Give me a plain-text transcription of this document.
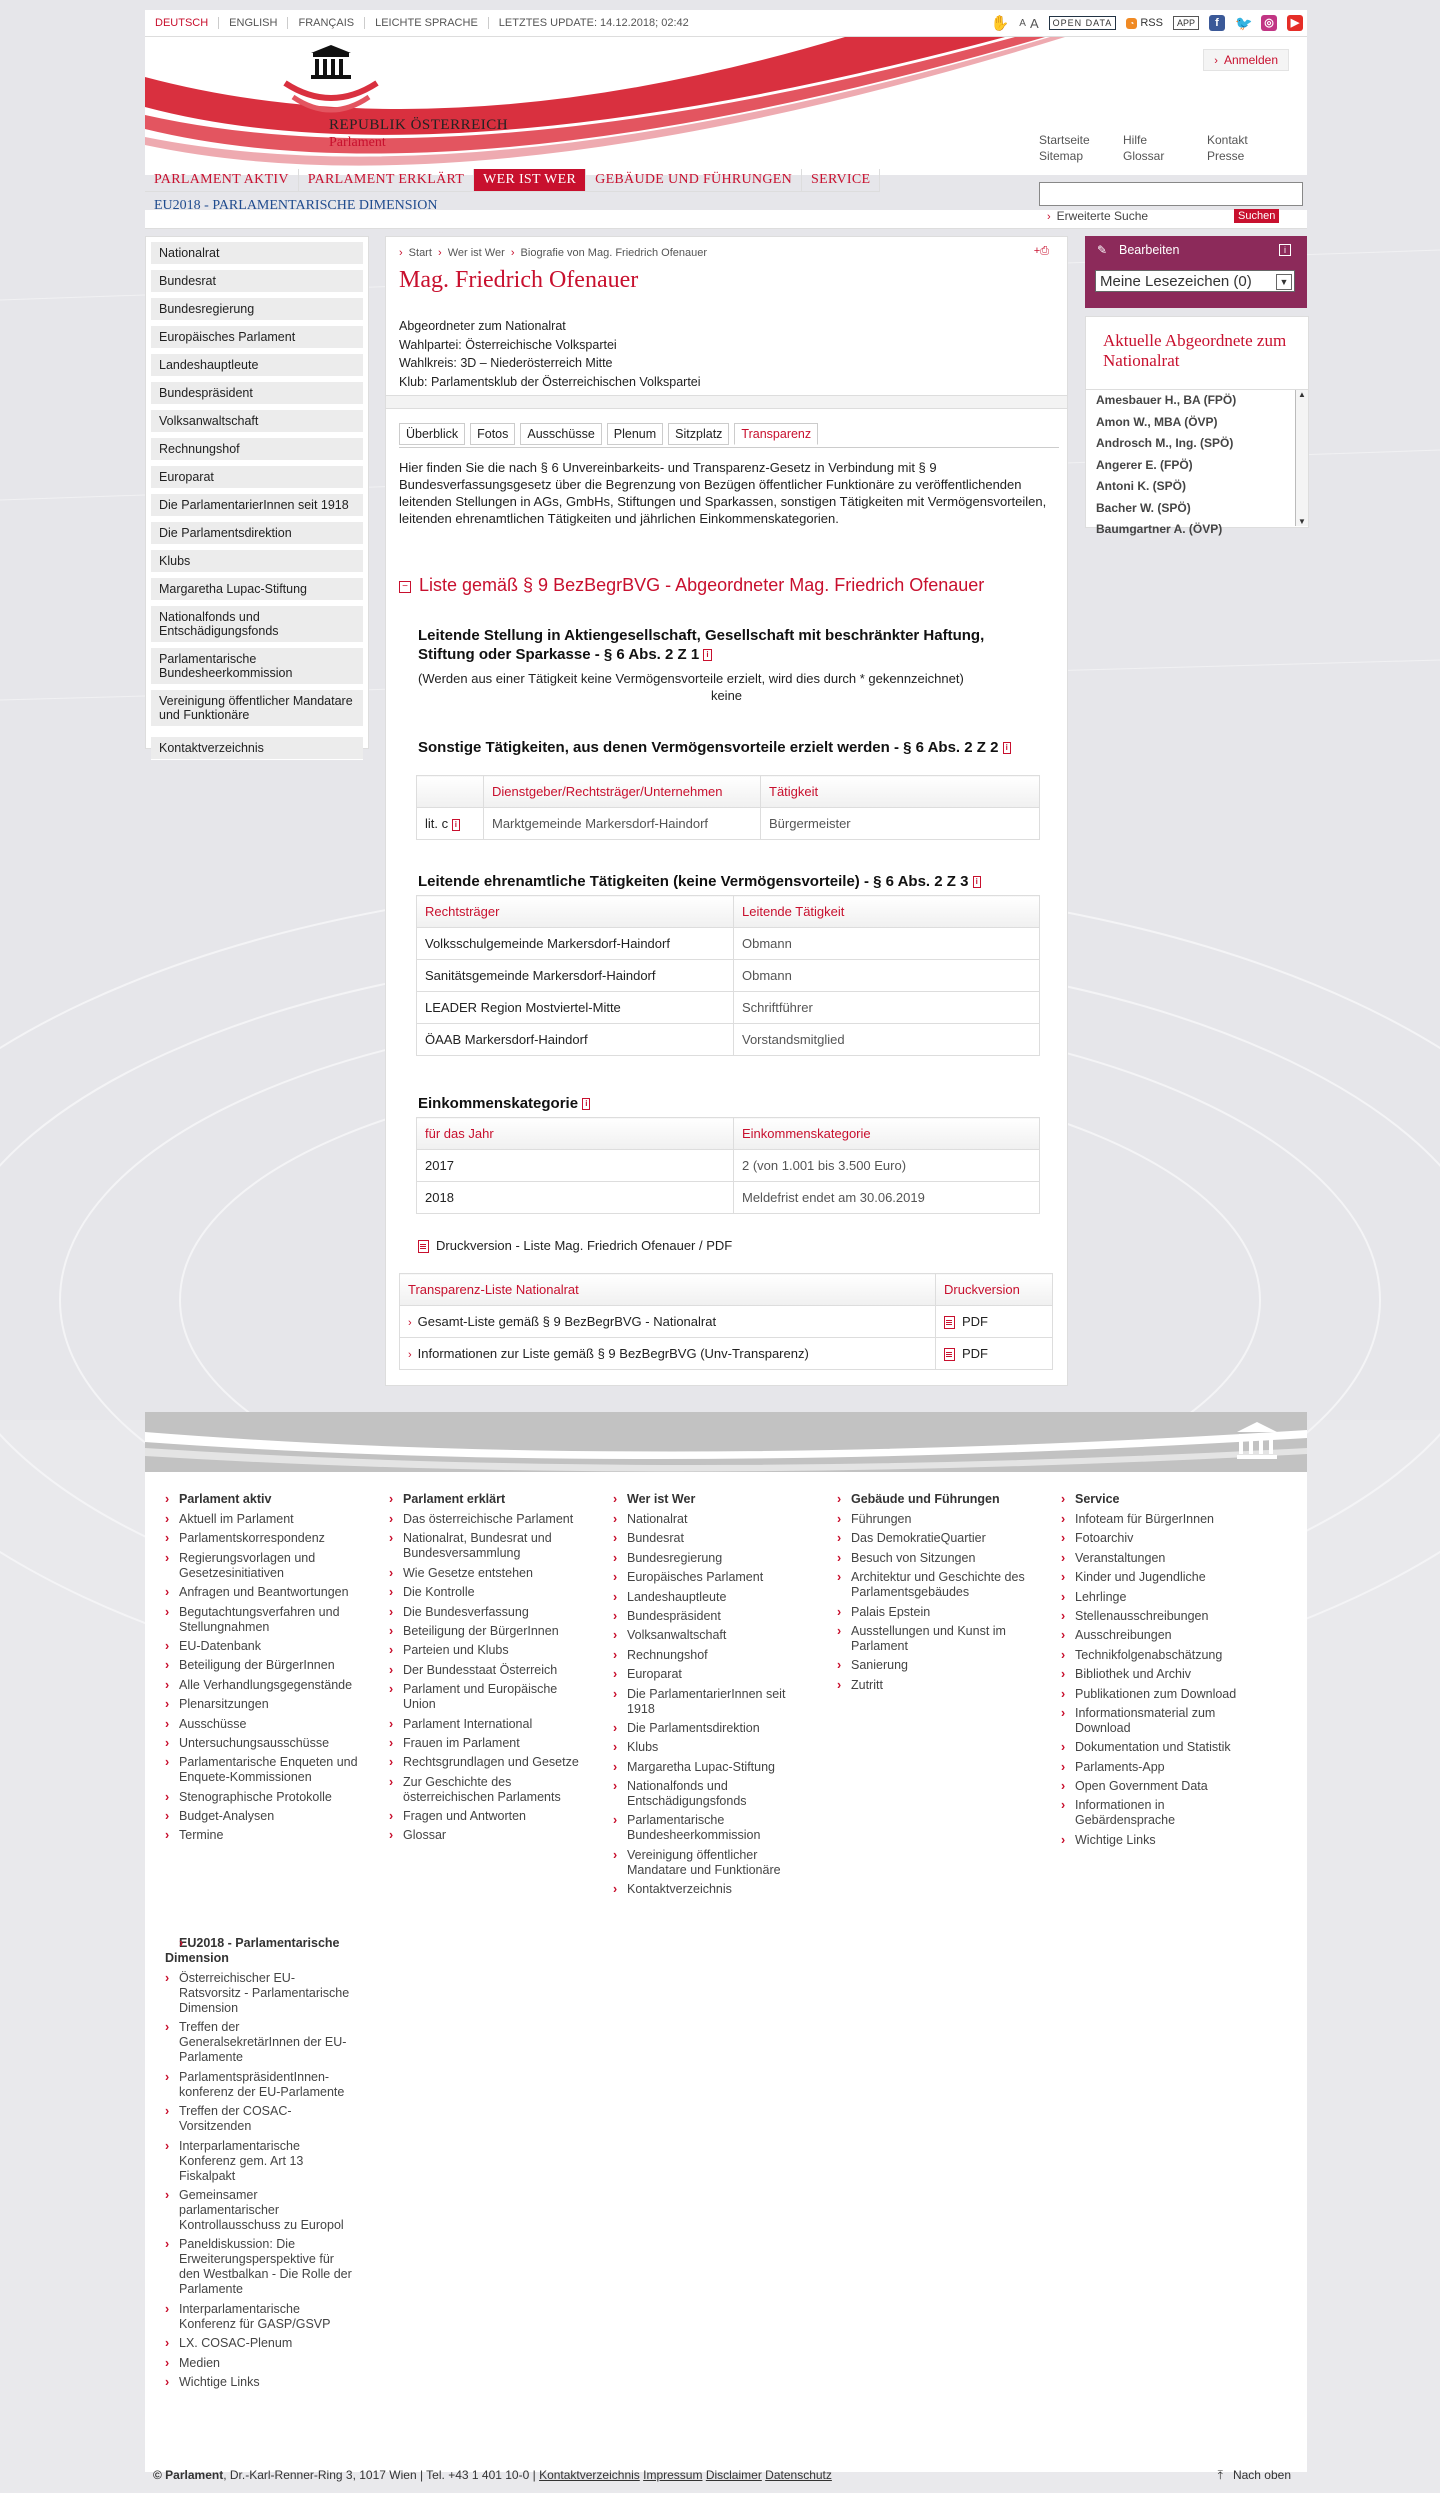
DEUTSCH	ENGLISH	FRANÇAIS	LEICHTE SPRACHE	LETZTES UPDATE: 14.12.2018; 02:42	✋ A A	OPEN DATA	◔ RSS	APP	f	🐦 ◎	▶
REPUBLIK ÖSTERREICH
Parlament
› Anmelden
Startseite	Hilfe	Kontakt
Sitemap	Glossar	Presse
PARLAMENT AKTIV	PARLAMENT ERKLÄRT	WER IST WER	GEBÄUDE UND FÜHRUNGEN	SERVICE
EU2018 - PARLAMENTARISCHE DIMENSION
› Erweiterte Suche	Suchen
Nationalrat
Bundesrat
Bundesregierung
Europäisches Parlament
Landeshauptleute
Bundespräsident
Volksanwaltschaft
Rechnungshof
Europarat
Die ParlamentarierInnen seit 1918
Die Parlamentsdirektion
Klubs
Margaretha Lupac-Stiftung
Nationalfonds und Entschädigungsfonds
Parlamentarische Bundesheerkommission
Vereinigung öffentlicher Mandatare und Funktionäre
Kontaktverzeichnis
› Start › Wer ist Wer › Biografie von Mag. Friedrich Ofenauer	+⎙
Mag. Friedrich Ofenauer
Abgeordneter zum Nationalrat
Wahlpartei: Österreichische Volkspartei
Wahlkreis: 3D – Niederösterreich Mitte
Klub: Parlamentsklub der Österreichischen Volkspartei
Überblick	Fotos	Ausschüsse	Plenum	Sitzplatz	Transparenz
Hier finden Sie die nach § 6 Unvereinbarkeits- und Transparenz-Gesetz in Verbindung mit § 9 Bundesverfassungsgesetz über die Begrenzung von Bezügen öffentlicher Funktionäre zu veröffentlichenden leitenden Stellungen in AGs, GmbHs, Stiftungen und Sparkassen, sonstigen Tätigkeiten mit Vermögensvorteilen, leitenden ehrenamtlichen Tätigkeiten und jährlichen Einkommenskategorien.
− Liste gemäß § 9 BezBegrBVG - Abgeordneter Mag. Friedrich Ofenauer
Leitende Stellung in Aktiengesellschaft, Gesellschaft mit beschränkter Haftung, Stiftung oder Sparkasse - § 6 Abs. 2 Z 1 i
(Werden aus einer Tätigkeit keine Vermögensvorteile erzielt, wird dies durch * gekennzeichnet)
keine
Sonstige Tätigkeiten, aus denen Vermögensvorteile erzielt werden - § 6 Abs. 2 Z 2 i
	Dienstgeber/Rechtsträger/Unternehmen	Tätigkeit
lit. c i	Marktgemeinde Markersdorf-Haindorf	Bürgermeister
Leitende ehrenamtliche Tätigkeiten (keine Vermögensvorteile) - § 6 Abs. 2 Z 3 i
Rechtsträger	Leitende Tätigkeit
Volksschulgemeinde Markersdorf-Haindorf	Obmann
Sanitätsgemeinde Markersdorf-Haindorf	Obmann
LEADER Region Mostviertel-Mitte	Schriftführer
ÖAAB Markersdorf-Haindorf	Vorstandsmitglied
Einkommenskategorie i
für das Jahr	Einkommenskategorie
2017	2 (von 1.001 bis 3.500 Euro)
2018	Meldefrist endet am 30.06.2019
Druckversion - Liste Mag. Friedrich Ofenauer / PDF
Transparenz-Liste Nationalrat	Druckversion
› Gesamt-Liste gemäß § 9 BezBegrBVG - Nationalrat	PDF
› Informationen zur Liste gemäß § 9 BezBegrBVG (Unv-Transparenz)	PDF
✎ Bearbeiten	i
Meine Lesezeichen (0)	▼
Aktuelle Abgeordnete zum Nationalrat
Amesbauer H., BA (FPÖ)
Amon W., MBA (ÖVP)
Androsch M., Ing. (SPÖ)
Angerer E. (FPÖ)
Antoni K. (SPÖ)
Bacher W. (SPÖ)
Baumgartner A. (ÖVP)
▲
▼
› Parlament aktiv
› Aktuell im Parlament
› Parlamentskorrespondenz
› Regierungsvorlagen und Gesetzesinitiativen
› Anfragen und Beantwortungen
› Begutachtungsverfahren und Stellungnahmen
› EU-Datenbank
› Beteiligung der BürgerInnen
› Alle Verhandlungsgegenstände
› Plenarsitzungen
› Ausschüsse
› Untersuchungsausschüsse
› Parlamentarische Enqueten und Enquete-Kommissionen
› Stenographische Protokolle
› Budget-Analysen
› Termine
› Parlament erklärt
› Das österreichische Parlament
› Nationalrat, Bundesrat und Bundesversammlung
› Wie Gesetze entstehen
› Die Kontrolle
› Die Bundesverfassung
› Beteiligung der BürgerInnen
› Parteien und Klubs
› Der Bundesstaat Österreich
› Parlament und Europäische Union
› Parlament International
› Frauen im Parlament
› Rechtsgrundlagen und Gesetze
› Zur Geschichte des österreichischen Parlaments
› Fragen und Antworten
› Glossar
› Wer ist Wer
› Nationalrat
› Bundesrat
› Bundesregierung
› Europäisches Parlament
› Landeshauptleute
› Bundespräsident
› Volksanwaltschaft
› Rechnungshof
› Europarat
› Die ParlamentarierInnen seit 1918
› Die Parlamentsdirektion
› Klubs
› Margaretha Lupac-Stiftung
› Nationalfonds und Entschädigungsfonds
› Parlamentarische Bundesheerkommission
› Vereinigung öffentlicher Mandatare und Funktionäre
› Kontaktverzeichnis
› Gebäude und Führungen
› Führungen
› Das DemokratieQuartier
› Besuch von Sitzungen
› Architektur und Geschichte des Parlamentsgebäudes
› Palais Epstein
› Ausstellungen und Kunst im Parlament
› Sanierung
› Zutritt
› Service
› Infoteam für BürgerInnen
› Fotoarchiv
› Veranstaltungen
› Kinder und Jugendliche
› Lehrlinge
› Stellenausschreibungen
› Ausschreibungen
› Technikfolgenabschätzung
› Bibliothek und Archiv
› Publikationen zum Download
› Informationsmaterial zum Download
› Dokumentation und Statistik
› Parlaments-App
› Open Government Data
› Informationen in Gebärdensprache
› Wichtige Links
› EU2018 - Parlamentarische Dimension
› Österreichischer EU-Ratsvorsitz - Parlamentarische Dimension
› Treffen der GeneralsekretärInnen der EU-Parlamente
› ParlamentspräsidentInnen-konferenz der EU-Parlamente
› Treffen der COSAC-Vorsitzenden
› Interparlamentarische Konferenz gem. Art 13 Fiskalpakt
› Gemeinsamer parlamentarischer Kontrollausschuss zu Europol
› Paneldiskussion: Die Erweiterungsperspektive für den Westbalkan - Die Rolle der Parlamente
› Interparlamentarische Konferenz für GASP/GSVP
› LX. COSAC-Plenum
› Medien
› Wichtige Links
© Parlament, Dr.-Karl-Renner-Ring 3, 1017 Wien | Tel. +43 1 401 10-0 | Kontaktverzeichnis Impressum Disclaimer Datenschutz	⤒ Nach oben
